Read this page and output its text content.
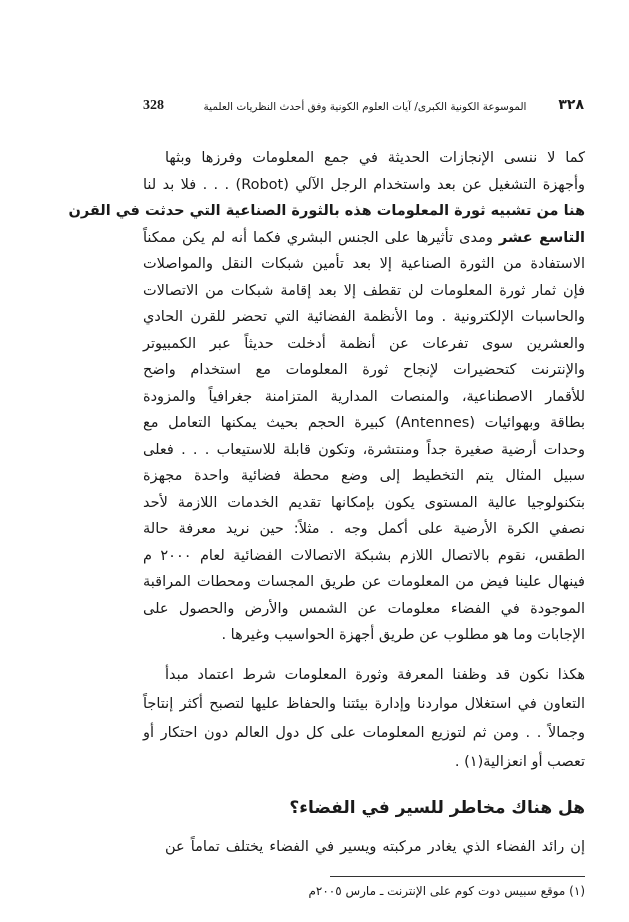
328	الموسوعة الكونية الكبرى/ آيات العلوم الكونية وفق أحدث النظريات العلمية	٣٢٨
كما لا ننسى الإنجازات الحديثة في جمع المعلومات وفرزها وبثها
وأجهزة التشغيل عن بعد واستخدام الرجل الآلي (Robot) . . . فلا بد لنا
هنا من تشبيه ثورة المعلومات هذه بالثورة الصناعية التي حدثت في القرن
التاسع عشر ومدى تأثيرها على الجنس البشري فكما أنه لم يكن ممكناً
الاستفادة من الثورة الصناعية إلا بعد تأمين شبكات النقل والمواصلات
فإن ثمار ثورة المعلومات لن تقطف إلا بعد إقامة شبكات من الاتصالات
والحاسبات الإلكترونية . وما الأنظمة الفضائية التي تحضر للقرن الحادي
والعشرين سوى تفرعات عن أنظمة أدخلت حديثاً عبر الكمبيوتر
والإنترنت كتحضيرات لإنجاح ثورة المعلومات مع استخدام واضح
للأقمار الاصطناعية، والمنصات المدارية المتزامنة جغرافياً والمزودة
بطاقة وبهوائيات (Antennes) كبيرة الحجم بحيث يمكنها التعامل مع
وحدات أرضية صغيرة جداً ومنتشرة، وتكون قابلة للاستيعاب . . . فعلى
سبيل المثال يتم التخطيط إلى وضع محطة فضائية واحدة مجهزة
بتكنولوجيا عالية المستوى يكون بإمكانها تقديم الخدمات اللازمة لأحد
نصفي الكرة الأرضية على أكمل وجه . مثلاً: حين نريد معرفة حالة
الطقس، نقوم بالاتصال اللازم بشبكة الاتصالات الفضائية لعام ٢٠٠٠ م
فينهال علينا فيض من المعلومات عن طريق المجسات ومحطات المراقبة
الموجودة في الفضاء معلومات عن الشمس والأرض والحصول على
الإجابات وما هو مطلوب عن طريق أجهزة الحواسيب وغيرها .
هكذا نكون قد وظفنا المعرفة وثورة المعلومات شرط اعتماد مبدأ
التعاون في استغلال مواردنا وإدارة بيئتنا والحفاظ عليها لتصبح أكثر إنتاجاً
وجمالاً . . ومن ثم لتوزيع المعلومات على كل دول العالم دون احتكار أو
تعصب أو انعزالية(١) .
هل هناك مخاطر للسير في الفضاء؟
إن رائد الفضاء الذي يغادر مركبته ويسير في الفضاء يختلف تماماً عن
(١) موقع سبيس دوت كوم على الإنترنت ـ مارس ٢٠٠٥م
